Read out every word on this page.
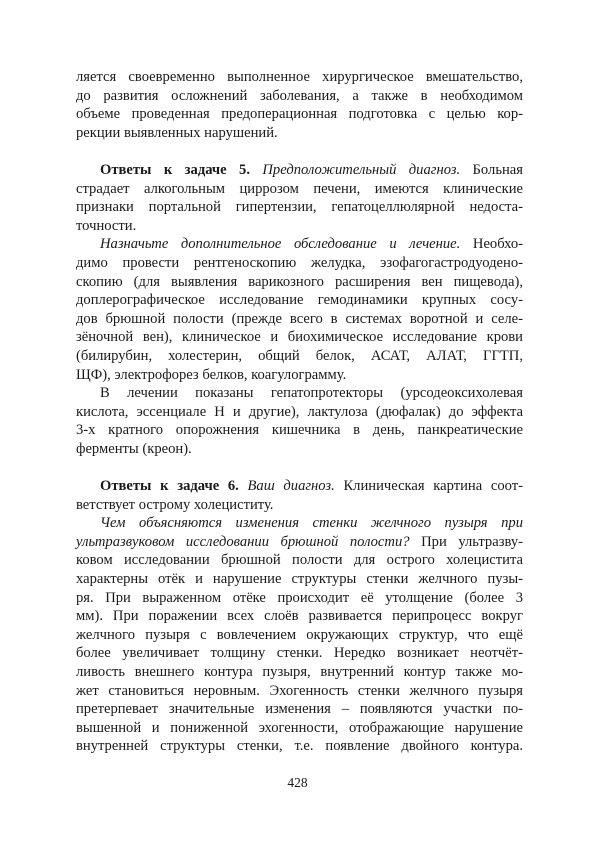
ляется своевременно выполненное хирургическое вмешательство,
до развития осложнений заболевания, а также в необходимом
объеме проведенная предоперационная подготовка с целью кор-
рекции выявленных нарушений.
Ответы к задаче 5. Предположительный диагноз. Больная
страдает алкогольным циррозом печени, имеются клинические
признаки портальной гипертензии, гепатоцеллюлярной недоста-
точности.
Назначьте дополнительное обследование и лечение. Необхо-
димо провести рентгеноскопию желудка, эзофагогастродуодено-
скопию (для выявления варикозного расширения вен пищевода),
доплерографическое исследование гемодинамики крупных сосу-
дов брюшной полости (прежде всего в системах воротной и селе-
зёночной вен), клиническое и биохимическое исследование крови
(билирубин, холестерин, общий белок, АСАТ, АЛАТ, ГГТП,
ЩФ), электрофорез белков, коагулограмму.
В лечении показаны гепатопротекторы (урсодеоксихолевая
кислота, эссенциале Н и другие), лактулоза (дюфалак) до эффекта
3-х кратного опорожнения кишечника в день, панкреатические
ферменты (креон).
Ответы к задаче 6. Ваш диагноз. Клиническая картина соот-
ветствует острому холециститу.
Чем объясняются изменения стенки желчного пузыря при
ультразвуковом исследовании брюшной полости? При ультразву-
ковом исследовании брюшной полости для острого холецистита
характерны отёк и нарушение структуры стенки желчного пузы-
ря. При выраженном отёке происходит её утолщение (более 3
мм). При поражении всех слоёв развивается перипроцесс вокруг
желчного пузыря с вовлечением окружающих структур, что ещё
более увеличивает толщину стенки. Нередко возникает неотчёт-
ливость внешнего контура пузыря, внутренний контур также мо-
жет становиться неровным. Эхогенность стенки желчного пузыря
претерпевает значительные изменения – появляются участки по-
вышенной и пониженной эхогенности, отображающие нарушение
внутренней структуры стенки, т.е. появление двойного контура.
428
